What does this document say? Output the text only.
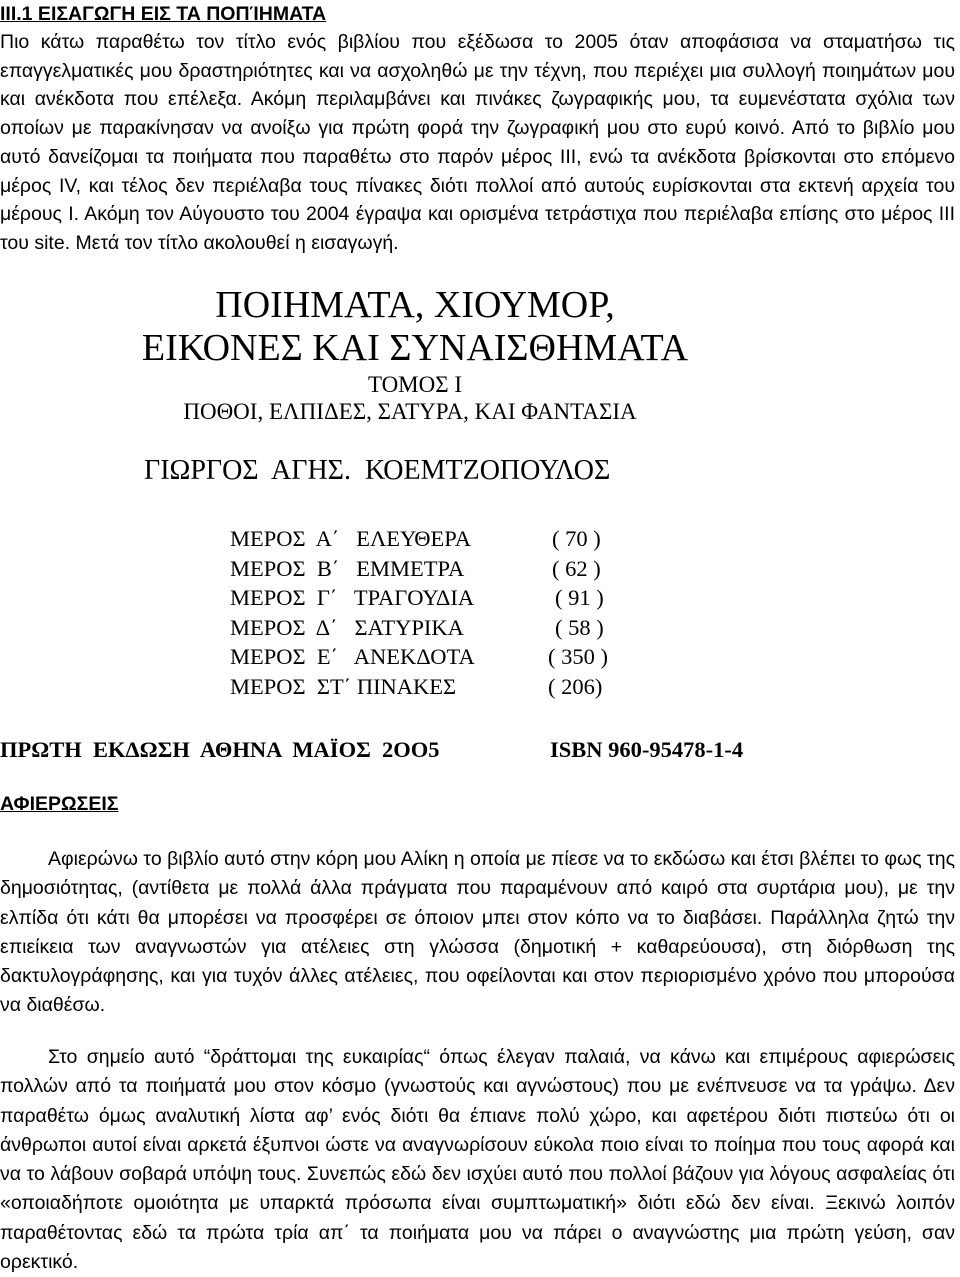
III.1 ΕΙΣΑΓΩΓΗ ΕΙΣ ΤΑ ΠΟΠΊΗΜΑΤΑ

Πιο κάτω παραθέτω τον τίτλο ενός βιβλίου που εξέδωσα το 2005 όταν αποφάσισα να σταματήσω τις επαγγελματικές μου δραστηριότητες και να ασχοληθώ με την τέχνη, που περιέχει μια συλλογή ποιημάτων μου και ανέκδοτα που επέλεξα. Ακόμη περιλαμβάνει και πινάκες ζωγραφικής μου, τα ευμενέστατα σχόλια των οποίων με παρακίνησαν να ανοίξω για πρώτη φορά την ζωγραφική μου στο ευρύ κοινό. Από το βιβλίο μου αυτό δανείζομαι τα ποιήματα που παραθέτω στο παρόν μέρος ΙΙΙ, ενώ τα ανέκδοτα βρίσκονται στο επόμενο μέρος IV, και τέλος δεν περιέλαβα τους πίνακες διότι πολλοί από αυτούς ευρίσκονται στα εκτενή αρχεία του μέρους Ι. Ακόμη τον Αύγουστο του 2004 έγραψα και ορισμένα τετράστιχα που περιέλαβα επίσης στο μέρος ΙΙΙ του site. Μετά τον τίτλο ακολουθεί η εισαγωγή.

ΠΟΙΗΜΑΤΑ, ΧΙΟΥΜΟΡ,
ΕΙΚΟΝΕΣ ΚΑΙ ΣΥΝΑΙΣΘΗΜΑΤΑ
ΤΟΜΟΣ Ι
ΠΟΘΟΙ, ΕΛΠΙΔΕΣ, ΣΑΤΥΡΑ, ΚΑΙ ΦΑΝΤΑΣΙΑ
ΓΙΩΡΓΟΣ  ΑΓΗΣ.  ΚΟΕΜΤΖΟΠΟΥΛΟΣ
ΜΕΡΟΣ  Α΄   ΕΛΕΥΘΕΡΑ	( 70 )
ΜΕΡΟΣ  Β΄   ΕΜΜΕΤΡΑ	( 62 )
ΜΕΡΟΣ  Γ΄   ΤΡΑΓΟΥΔΙΑ	( 91 )
ΜΕΡΟΣ  Δ΄   ΣΑΤΥΡΙΚΑ	( 58 )
ΜΕΡΟΣ  Ε΄   ΑΝΕΚΔΟΤΑ	( 350 )
ΜΕΡΟΣ  ΣΤ΄ ΠΙΝΑΚΕΣ	( 206)
ΠΡΩΤΗ  ΕΚΔΩΣΗ  ΑΘΗΝΑ  ΜΑΪΟΣ  2ΟΟ5	ISBN 960-95478-1-4
ΑΦΙΕΡΩΣΕΙΣ

Αφιερώνω το βιβλίο αυτό στην κόρη μου Αλίκη η οποία με πίεσε να το εκδώσω και έτσι βλέπει το φως της δημοσιότητας, (αντίθετα με πολλά άλλα πράγματα που παραμένουν από καιρό στα συρτάρια μου), με την ελπίδα ότι κάτι θα μπορέσει να προσφέρει σε όποιον μπει στον κόπο να το διαβάσει. Παράλληλα ζητώ την επιείκεια των αναγνωστών για ατέλειες στη γλώσσα (δημοτική + καθαρεύουσα), στη διόρθωση της δακτυλογράφησης, και για τυχόν άλλες ατέλειες, που οφείλονται και στον περιορισμένο χρόνο που μπορούσα να διαθέσω.

Στο σημείο αυτό “δράττομαι της ευκαιρίας“ όπως έλεγαν παλαιά, να κάνω και επιμέρους αφιερώσεις πολλών από τα ποιήματά μου στον κόσμο (γνωστούς και αγνώστους) που με ενέπνευσε να τα γράψω. Δεν παραθέτω όμως αναλυτική λίστα αφ’ ενός διότι θα έπιανε πολύ χώρο, και αφετέρου διότι πιστεύω ότι οι άνθρωποι αυτοί είναι αρκετά έξυπνοι ώστε να αναγνωρίσουν εύκολα ποιο είναι το ποίημα που τους αφορά και να το λάβουν σοβαρά υπόψη τους. Συνεπώς εδώ δεν ισχύει αυτό που πολλοί βάζουν για λόγους ασφαλείας ότι «οποιαδήποτε ομοιότητα με υπαρκτά πρόσωπα είναι συμπτωματική» διότι εδώ δεν είναι. Ξεκινώ λοιπόν παραθέτοντας εδώ τα πρώτα τρία απ΄ τα ποιήματα μου να πάρει ο αναγνώστης μια πρώτη γεύση, σαν ορεκτικό.
